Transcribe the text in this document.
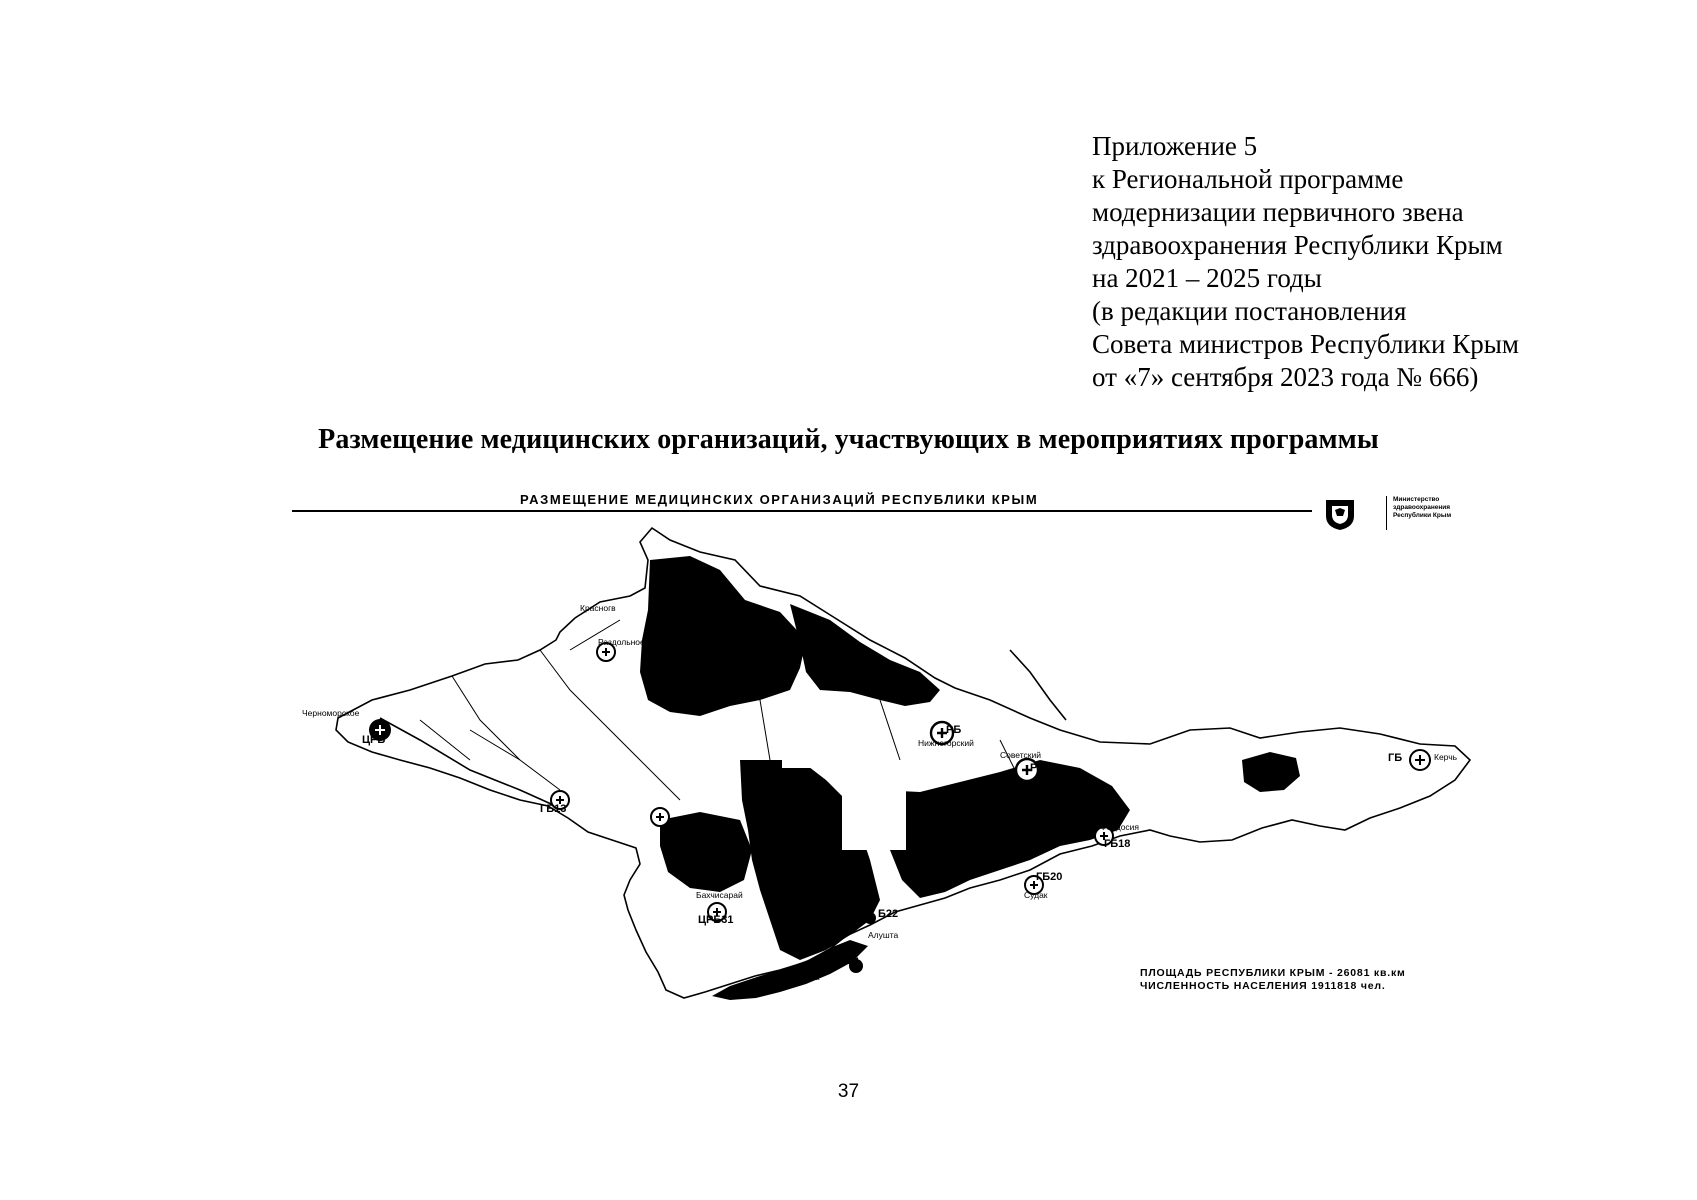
Приложение 5
к Региональной программе
модернизации первичного звена
здравоохранения Республики Крым
на 2021 – 2025 годы
(в редакции постановления
Совета министров Республики Крым
от «7» сентября 2023 года № 666)
Размещение медицинских организаций, участвующих в мероприятиях программы
РАЗМЕЩЕНИЕ МЕДИЦИНСКИХ ОРГАНИЗАЦИЙ РЕСПУБЛИКИ КРЫМ	Министерство
здравоохранения
Республики Крым
Красногв
Раздольное
Черноморское
ЦРБ
ГБ13
РБ
Нижнегорский
Советский
РБ
Феодосия
ГБ18
ГБ20
Судак
Бахчисарай
ЦРБ31	Б22
Алушта
Б31
Ялта
ГБ	Керчь
ПЛОЩАДЬ РЕСПУБЛИКИ КРЫМ - 26081 кв.км
ЧИСЛЕННОСТЬ НАСЕЛЕНИЯ 1911818 чел.
37
